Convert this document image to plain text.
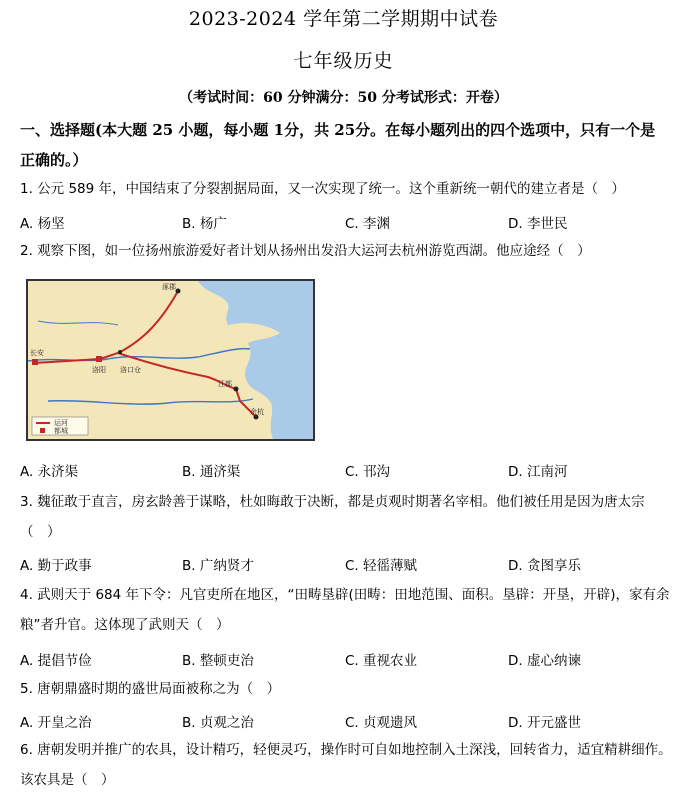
2023-2024 学年第二学期期中试卷
七年级历史
（考试时间：60 分钟满分：50 分考试形式：开卷）
一、选择题(本大题 25 小题，每小题 1分，共 25分。在每小题列出的四个选项中，只有一个是正确的。）
1. 公元 589 年，中国结束了分裂割据局面，又一次实现了统一。这个重新统一朝代的建立者是（　）
A. 杨坚	B. 杨广	C. 李渊	D. 李世民
2. 观察下图，如一位扬州旅游爱好者计划从扬州出发沿大运河去杭州游览西湖。他应途经（　）
涿郡
长安
洛阳 洛口仓
江都
余杭
运河
都城
A. 永济渠	B. 通济渠	C. 邗沟	D. 江南河
3. 魏征敢于直言，房玄龄善于谋略，杜如晦敢于决断，都是贞观时期著名宰相。他们被任用是因为唐太宗（　）
A. 勤于政事	B. 广纳贤才	C. 轻徭薄赋	D. 贪图享乐
4. 武则天于 684 年下令：凡官吏所在地区，“田畴垦辟(田畴：田地范围、面积。垦辟：开垦，开辟)，家有余粮”者升官。这体现了武则天（　）
A. 提倡节俭	B. 整顿吏治	C. 重视农业	D. 虚心纳谏
5. 唐朝鼎盛时期的盛世局面被称之为（　）
A. 开皇之治	B. 贞观之治	C. 贞观遗风	D. 开元盛世
6. 唐朝发明并推广的农具，设计精巧，轻便灵巧，操作时可自如地控制入土深浅，回转省力，适宜精耕细作。该农具是（　）
